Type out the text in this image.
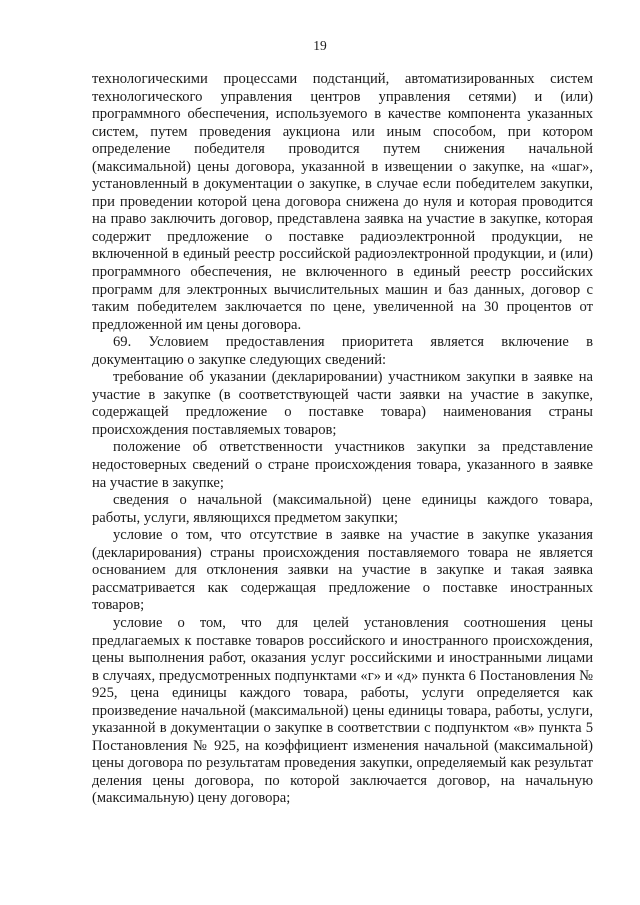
19

технологическими процессами подстанций, автоматизированных систем технологического управления центров управления сетями) и (или) программного обеспечения, используемого в качестве компонента указанных систем, путем проведения аукциона или иным способом, при котором определение победителя проводится путем снижения начальной (максимальной) цены договора, указанной в извещении о закупке, на «шаг», установленный в документации о закупке, в случае если победителем закупки, при проведении которой цена договора снижена до нуля и которая проводится на право заключить договор, представлена заявка на участие в закупке, которая содержит предложение о поставке радиоэлектронной продукции, не включенной в единый реестр российской радиоэлектронной продукции, и (или) программного обеспечения, не включенного в единый реестр российских программ для электронных вычислительных машин и баз данных, договор с таким победителем заключается по цене, увеличенной на 30 процентов от предложенной им цены договора.

69. Условием предоставления приоритета является включение в документацию о закупке следующих сведений:

требование об указании (декларировании) участником закупки в заявке на участие в закупке (в соответствующей части заявки на участие в закупке, содержащей предложение о поставке товара) наименования страны происхождения поставляемых товаров;

положение об ответственности участников закупки за представление недостоверных сведений о стране происхождения товара, указанного в заявке на участие в закупке;

сведения о начальной (максимальной) цене единицы каждого товара, работы, услуги, являющихся предметом закупки;

условие о том, что отсутствие в заявке на участие в закупке указания (декларирования) страны происхождения поставляемого товара не является основанием для отклонения заявки на участие в закупке и такая заявка рассматривается как содержащая предложение о поставке иностранных товаров;

условие о том, что для целей установления соотношения цены предлагаемых к поставке товаров российского и иностранного происхождения, цены выполнения работ, оказания услуг российскими и иностранными лицами в случаях, предусмотренных подпунктами «г» и «д» пункта 6 Постановления № 925, цена единицы каждого товара, работы, услуги определяется как произведение начальной (максимальной) цены единицы товара, работы, услуги, указанной в документации о закупке в соответствии с подпунктом «в» пункта 5 Постановления № 925, на коэффициент изменения начальной (максимальной) цены договора по результатам проведения закупки, определяемый как результат деления цены договора, по которой заключается договор, на начальную (максимальную) цену договора;
